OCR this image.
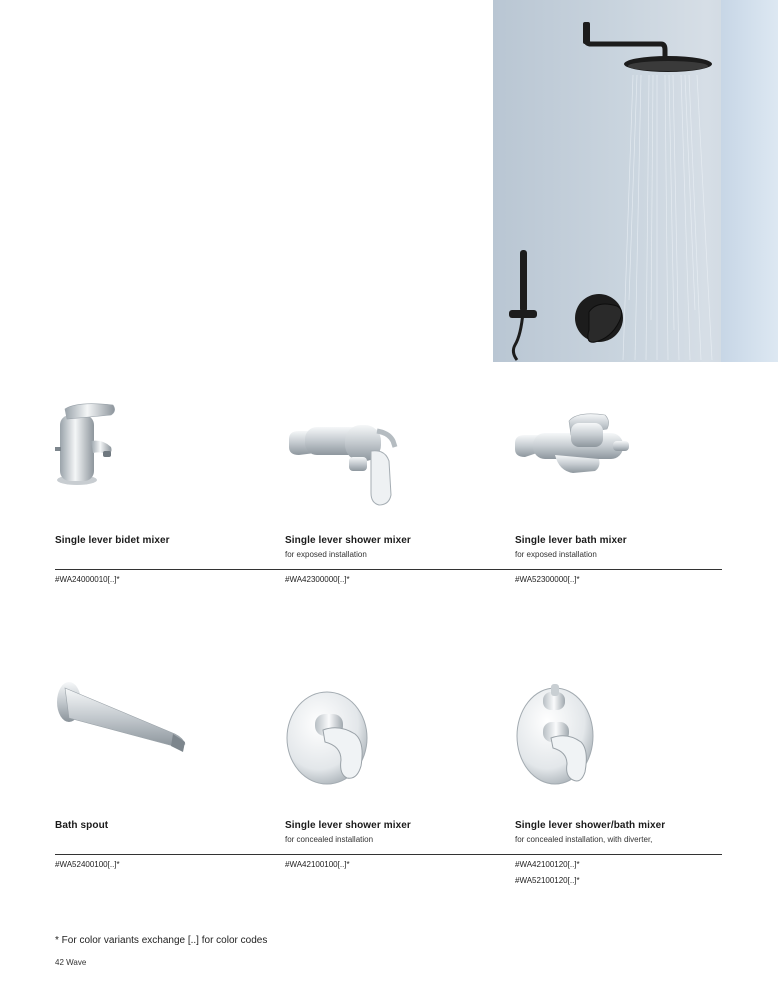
Single lever bidet mixer
#WA24000010[..]*
Single lever shower mixer
for exposed installation
#WA42300000[..]*
Single lever bath mixer
for exposed installation
#WA52300000[..]*
Bath spout
#WA52400100[..]*
Single lever shower mixer
for concealed installation
#WA42100100[..]*
Single lever shower/bath mixer
for concealed installation, with diverter,
#WA42100120[..]*
#WA52100120[..]*
* For color variants exchange [..] for color codes
42 Wave
